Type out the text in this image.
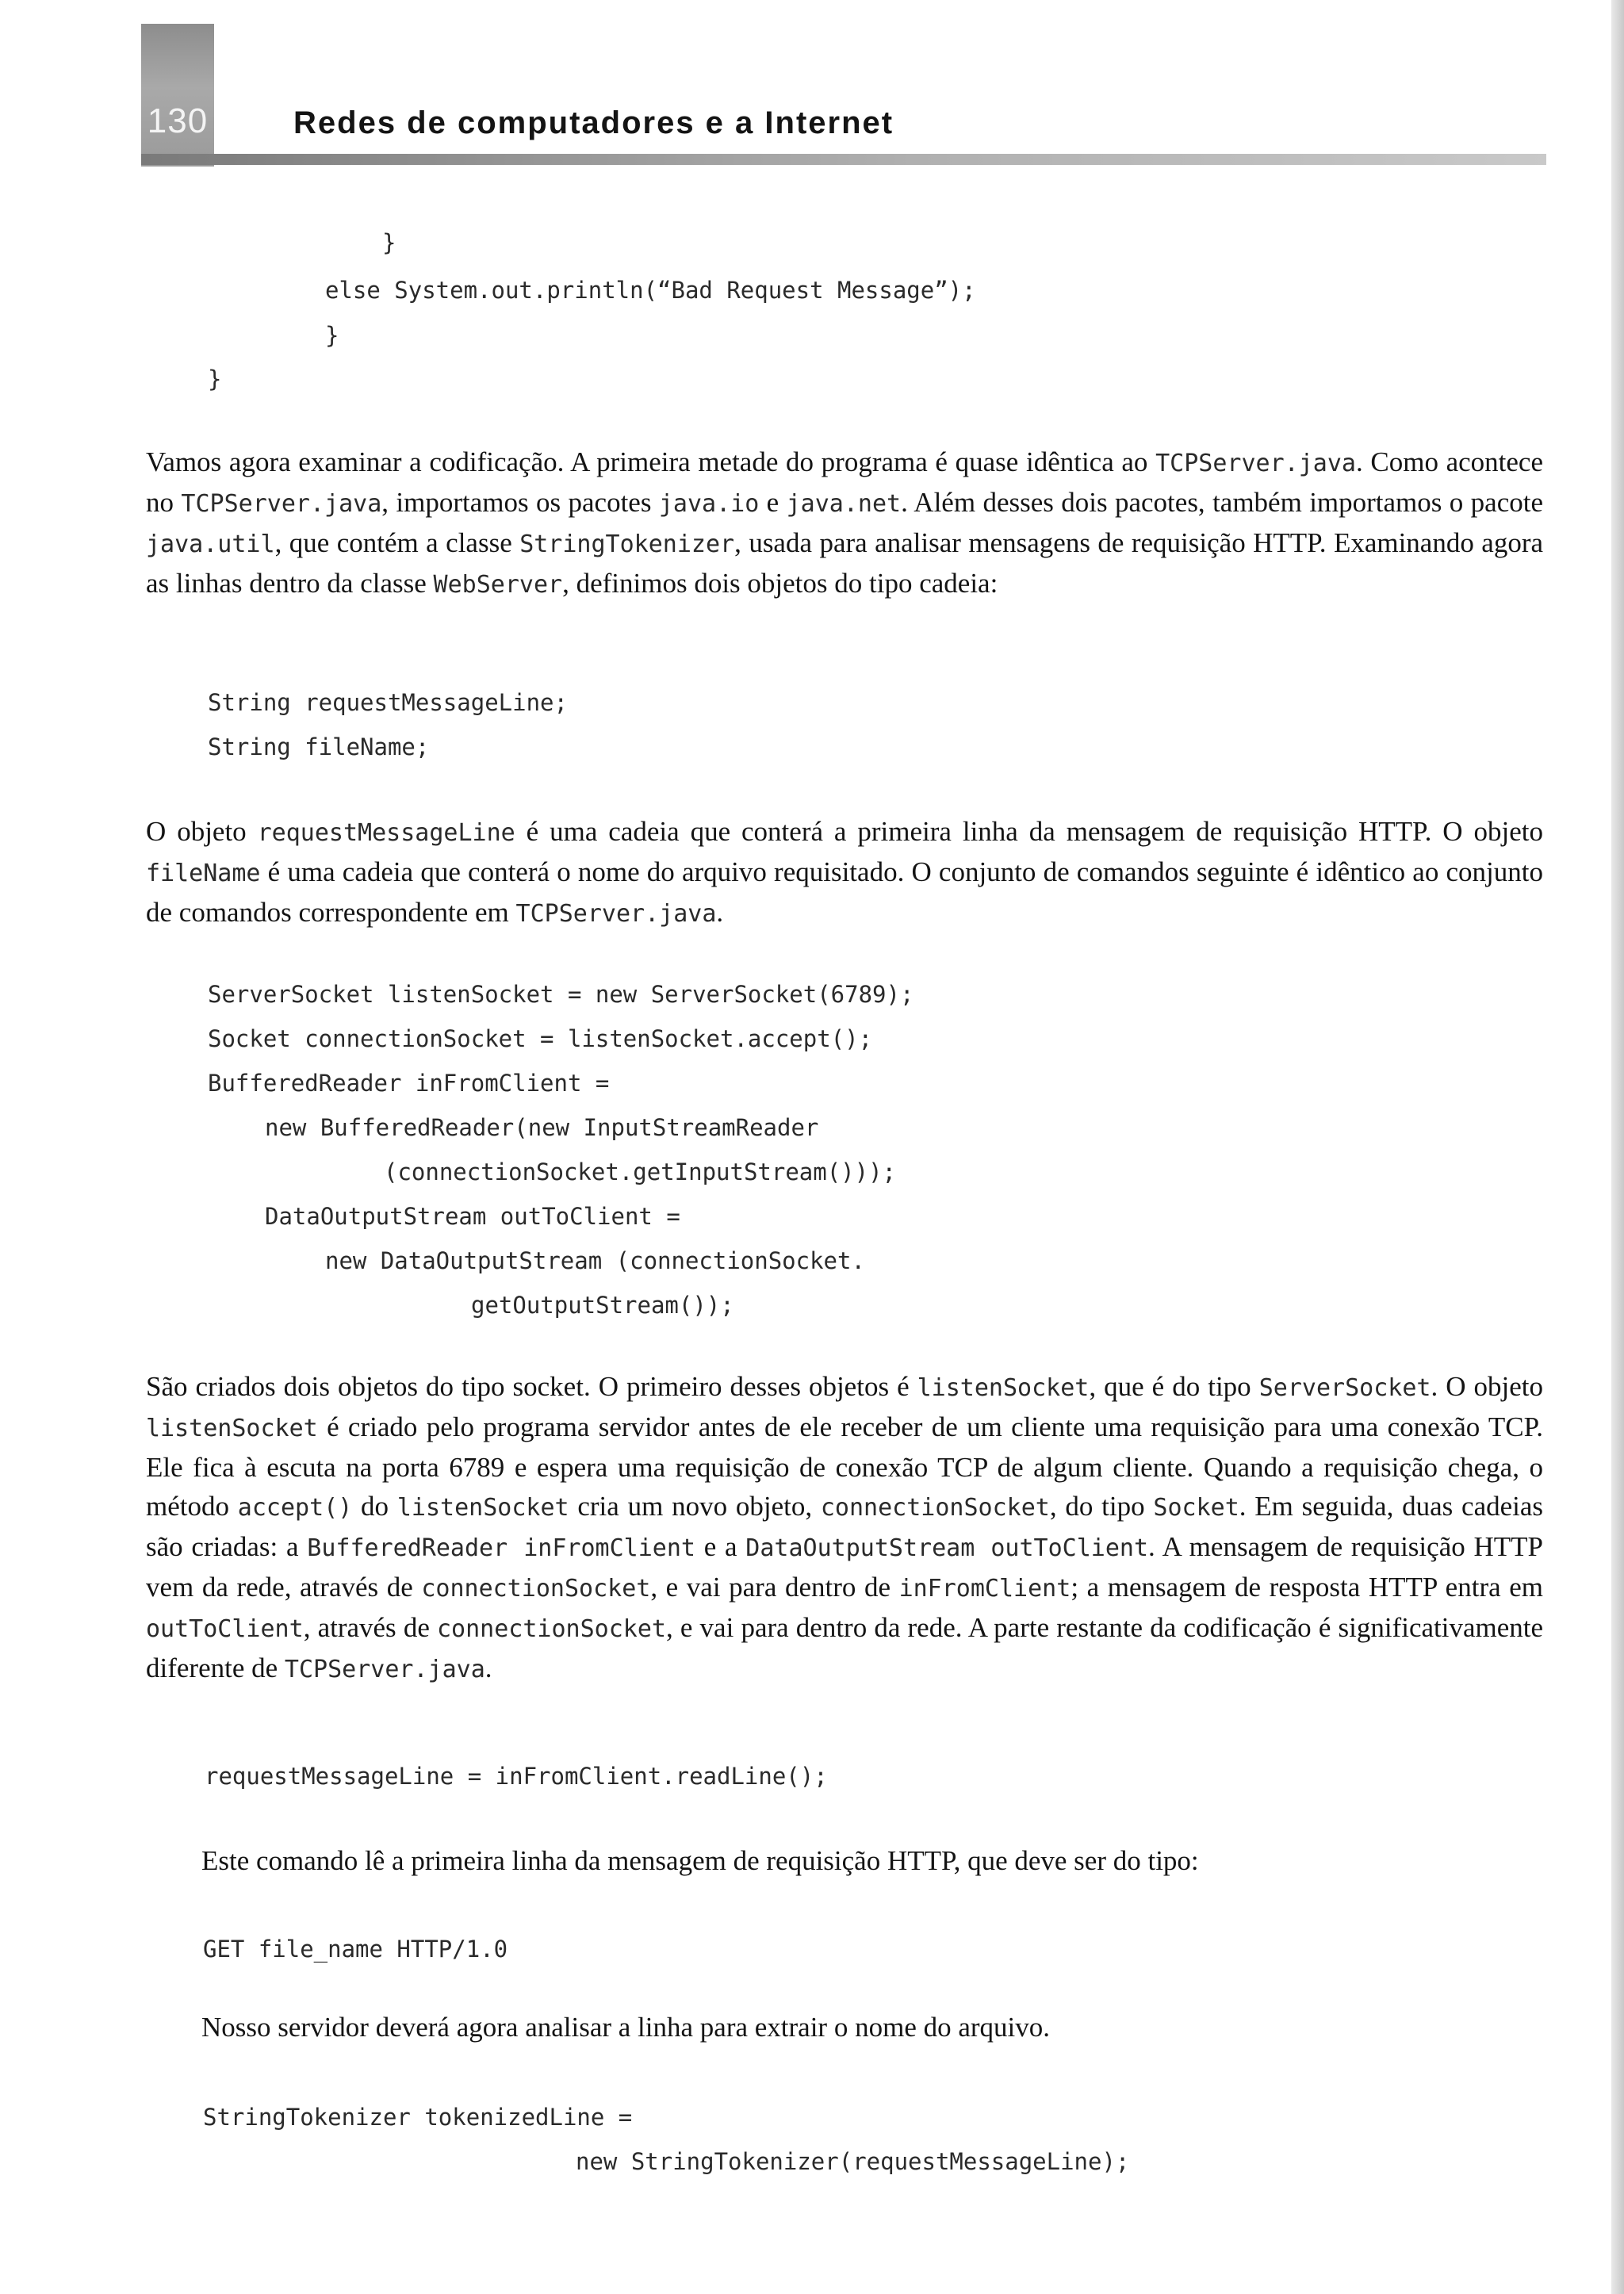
130	Redes de computadores e a Internet
}
else System.out.println(“Bad Request Message”);
}
}
Vamos agora examinar a codificação. A primeira metade do programa é quase idêntica ao TCPServer.java. Como acontece no TCPServer.java, importamos os pacotes java.io e java.net. Além desses dois pacotes, também importamos o pacote java.util, que contém a classe StringTokenizer, usada para analisar mensagens de requisição HTTP. Examinando agora as linhas dentro da classe WebServer, definimos dois objetos do tipo cadeia:
String requestMessageLine;
String fileName;
O objeto requestMessageLine é uma cadeia que conterá a primeira linha da mensagem de requisição HTTP. O objeto fileName é uma cadeia que conterá o nome do arquivo requisitado. O conjunto de comandos seguinte é idêntico ao conjunto de comandos correspondente em TCPServer.java.
ServerSocket listenSocket = new ServerSocket(6789);
Socket connectionSocket = listenSocket.accept();
BufferedReader inFromClient =
new BufferedReader(new InputStreamReader
(connectionSocket.getInputStream()));
DataOutputStream outToClient =
new DataOutputStream (connectionSocket.
getOutputStream());
São criados dois objetos do tipo socket. O primeiro desses objetos é listenSocket, que é do tipo ServerSocket. O objeto listenSocket é criado pelo programa servidor antes de ele receber de um cliente uma requisição para uma conexão TCP. Ele fica à escuta na porta 6789 e espera uma requisição de conexão TCP de algum cliente. Quando a requisição chega, o método accept() do listenSocket cria um novo objeto, connectionSocket, do tipo Socket. Em seguida, duas cadeias são criadas: a BufferedReader inFromClient e a DataOutputStream outToClient. A mensagem de requisição HTTP vem da rede, através de connectionSocket, e vai para dentro de inFromClient; a mensagem de resposta HTTP entra em outToClient, através de connectionSocket, e vai para dentro da rede. A parte restante da codificação é significativamente diferente de TCPServer.java.
requestMessageLine = inFromClient.readLine();
Este comando lê a primeira linha da mensagem de requisição HTTP, que deve ser do tipo:
GET file_name HTTP/1.0
Nosso servidor deverá agora analisar a linha para extrair o nome do arquivo.
StringTokenizer tokenizedLine =
new StringTokenizer(requestMessageLine);
